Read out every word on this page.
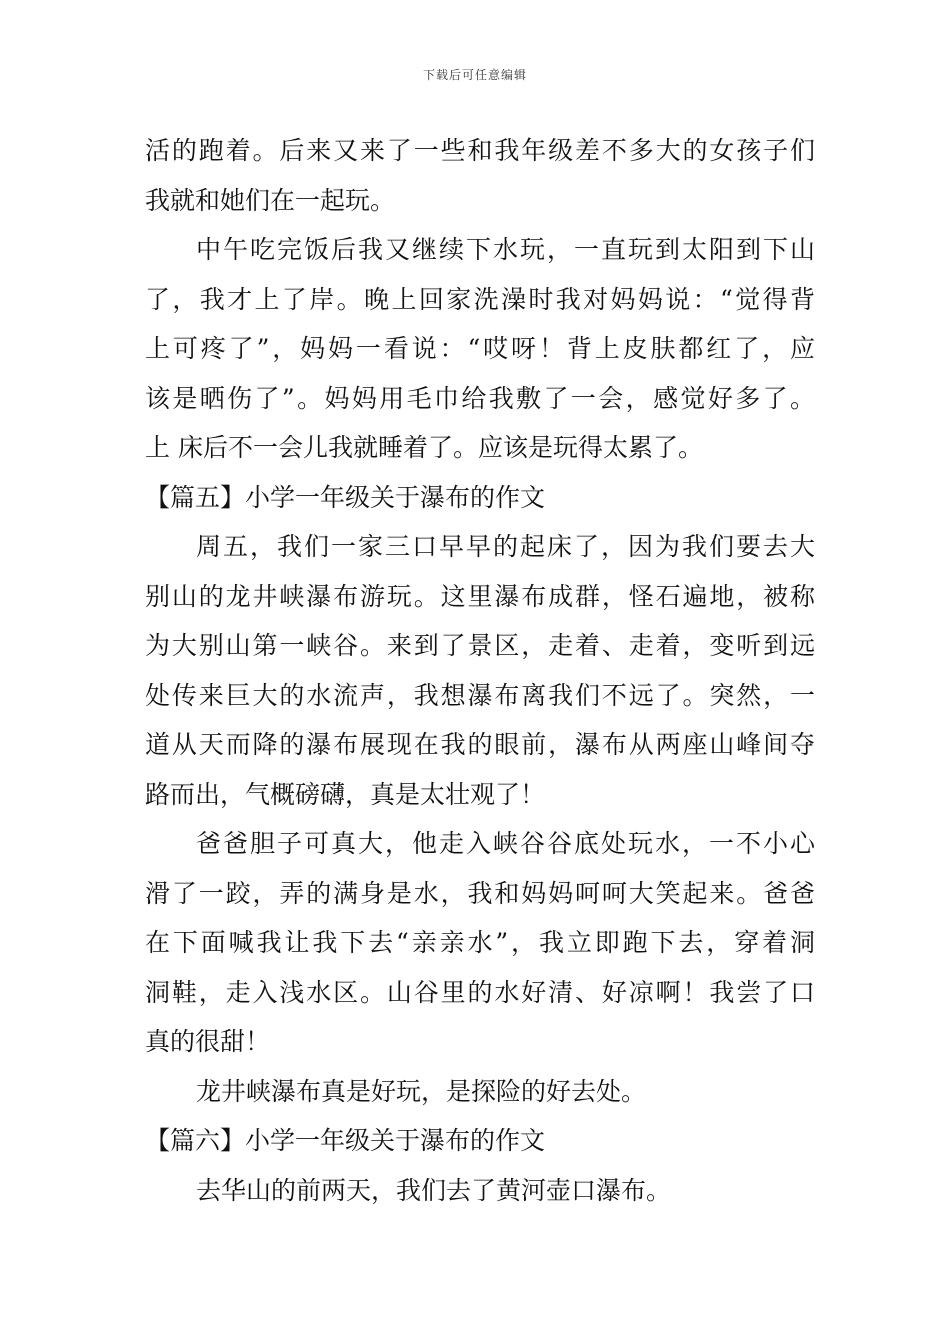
下载后可任意编辑
活的跑着。后来又来了一些和我年级差不多大的女孩子们
我就和她们在一起玩。
中午吃完饭后我又继续下水玩，一直玩到太阳到下山
了，我才上了岸。晚上回家洗澡时我对妈妈说：“觉得背
上可疼了”，妈妈一看说：“哎呀！背上皮肤都红了，应
该是晒伤了”。妈妈用毛巾给我敷了一会，感觉好多了。
上 床后不一会儿我就睡着了。应该是玩得太累了。
【篇五】小学一年级关于瀑布的作文
周五，我们一家三口早早的起床了，因为我们要去大
别山的龙井峡瀑布游玩。这里瀑布成群，怪石遍地，被称
为大别山第一峡谷。来到了景区，走着、走着，变听到远
处传来巨大的水流声，我想瀑布离我们不远了。突然，一
道从天而降的瀑布展现在我的眼前，瀑布从两座山峰间夺
路而出，气概磅礴，真是太壮观了！
爸爸胆子可真大，他走入峡谷谷底处玩水，一不小心
滑了一跤，弄的满身是水，我和妈妈呵呵大笑起来。爸爸
在下面喊我让我下去“亲亲水”，我立即跑下去，穿着洞
洞鞋，走入浅水区。山谷里的水好清、好凉啊！我尝了口
真的很甜！
龙井峡瀑布真是好玩，是探险的好去处。
【篇六】小学一年级关于瀑布的作文
去华山的前两天，我们去了黄河壶口瀑布。
